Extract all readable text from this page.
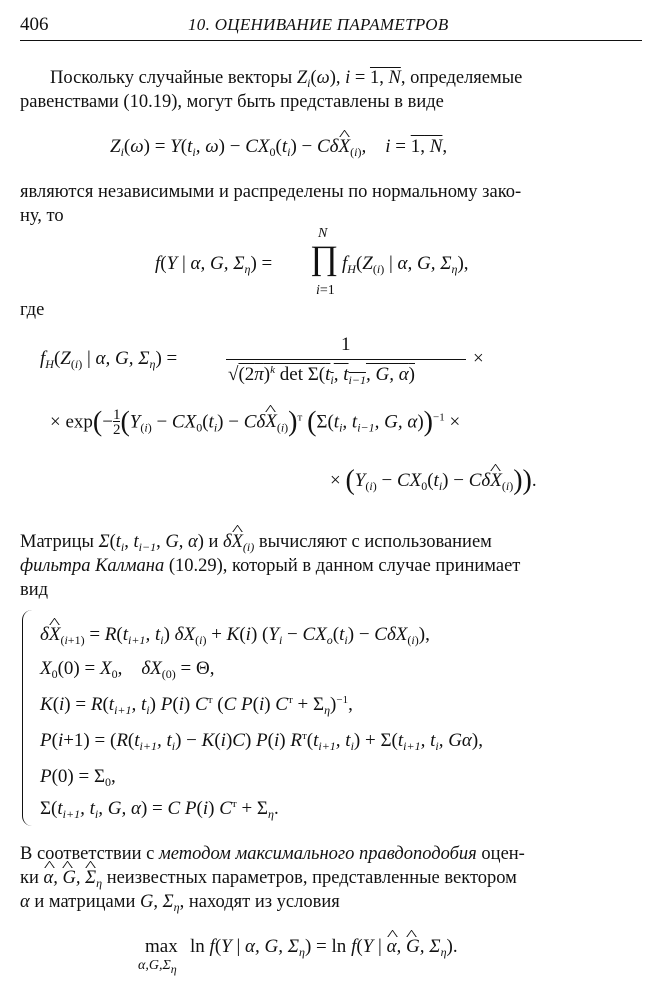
406	10. ОЦЕНИВАНИЕ ПАРАМЕТРОВ
Поскольку случайные векторы $Z_i(\omega)$, i = 1, N, определяемые
равенствами (10.19), могут быть представлены в виде
$Z_i(\omega) = Y(t_i$, $\omega) - CX_0(t_i)$ − Cδ^ $X_{(i)}$,    i = 1, N,
являются независимыми и распределены по нормальному зако-
ну, то
f(Y | α, G, $\Sigma_\eta$) =
N
∏
i=1
$f_H(Z_{(i)}$ | α, G, $\Sigma_\eta$),
где
$f_H(Z_{(i)}$ | α, G, $\Sigma_\eta$) =
1
$√(2\pi)^k$ $\det \Sigma(t_i$, $t_{i-1}$, G, α)
×
× $\exp(-\frac{1}{2}(Y_{(i)} - CX_0(t_i)$ − Cδ^ $X_{(i)})^т$ ($\Sigma(t_i$, $t_{i-1}$, G, α))$^{-1}$ ×
× ($Y_{(i)} - CX_0(t_i)$ − Cδ^ $X_{(i)}$)).
Матрицы $\Sigma(t_i$, $t_{i-1}$, G, α) и δ^ $X_{(i)}$ вычисляют с использованием
фильтра Калмана (10.29), который в данном случае принимает
вид
δ^ $X_{(i+1)} = R(t_{i+1}$, $t_i$) $\delta X_{(i)} + K(i) (Y_i - CX_o(t_i) - C\delta X_{(i)})$,
$X_0(0) = X_0$,    $\delta X_{(0)} = \Theta$,
$K(i) = R(t_{i+1}$, $t_i$) P(i) $C^т$ (C P(i) $C^т + \Sigma_\eta)^{-1}$,
$P(i+1) = (R(t_{i+1}$, $t_i) - K(i)C$) P(i) $R^т(t_{i+1}$, $t_i) + \Sigma(t_{i+1}$, $t_i$, Gα),
$P(0) = \Sigma_0$,
$\Sigma(t_{i+1}$, $t_i$, G, α) = C P(i) $C^т + \Sigma_\eta$.
В соответствии с методом максимального правдоподобия оцен-
ки ^ α, ^ G, ^ $\Sigma_\eta$ неизвестных параметров, представленные вектором
α и матрицами G, $\Sigma_\eta$, находят из условия
max
$\alpha,G,\Sigma_\eta$
ln f(Y | α, G, $\Sigma_\eta) = \ln f(Y$ | ^ α, ^ G, $\Sigma_\eta$).
